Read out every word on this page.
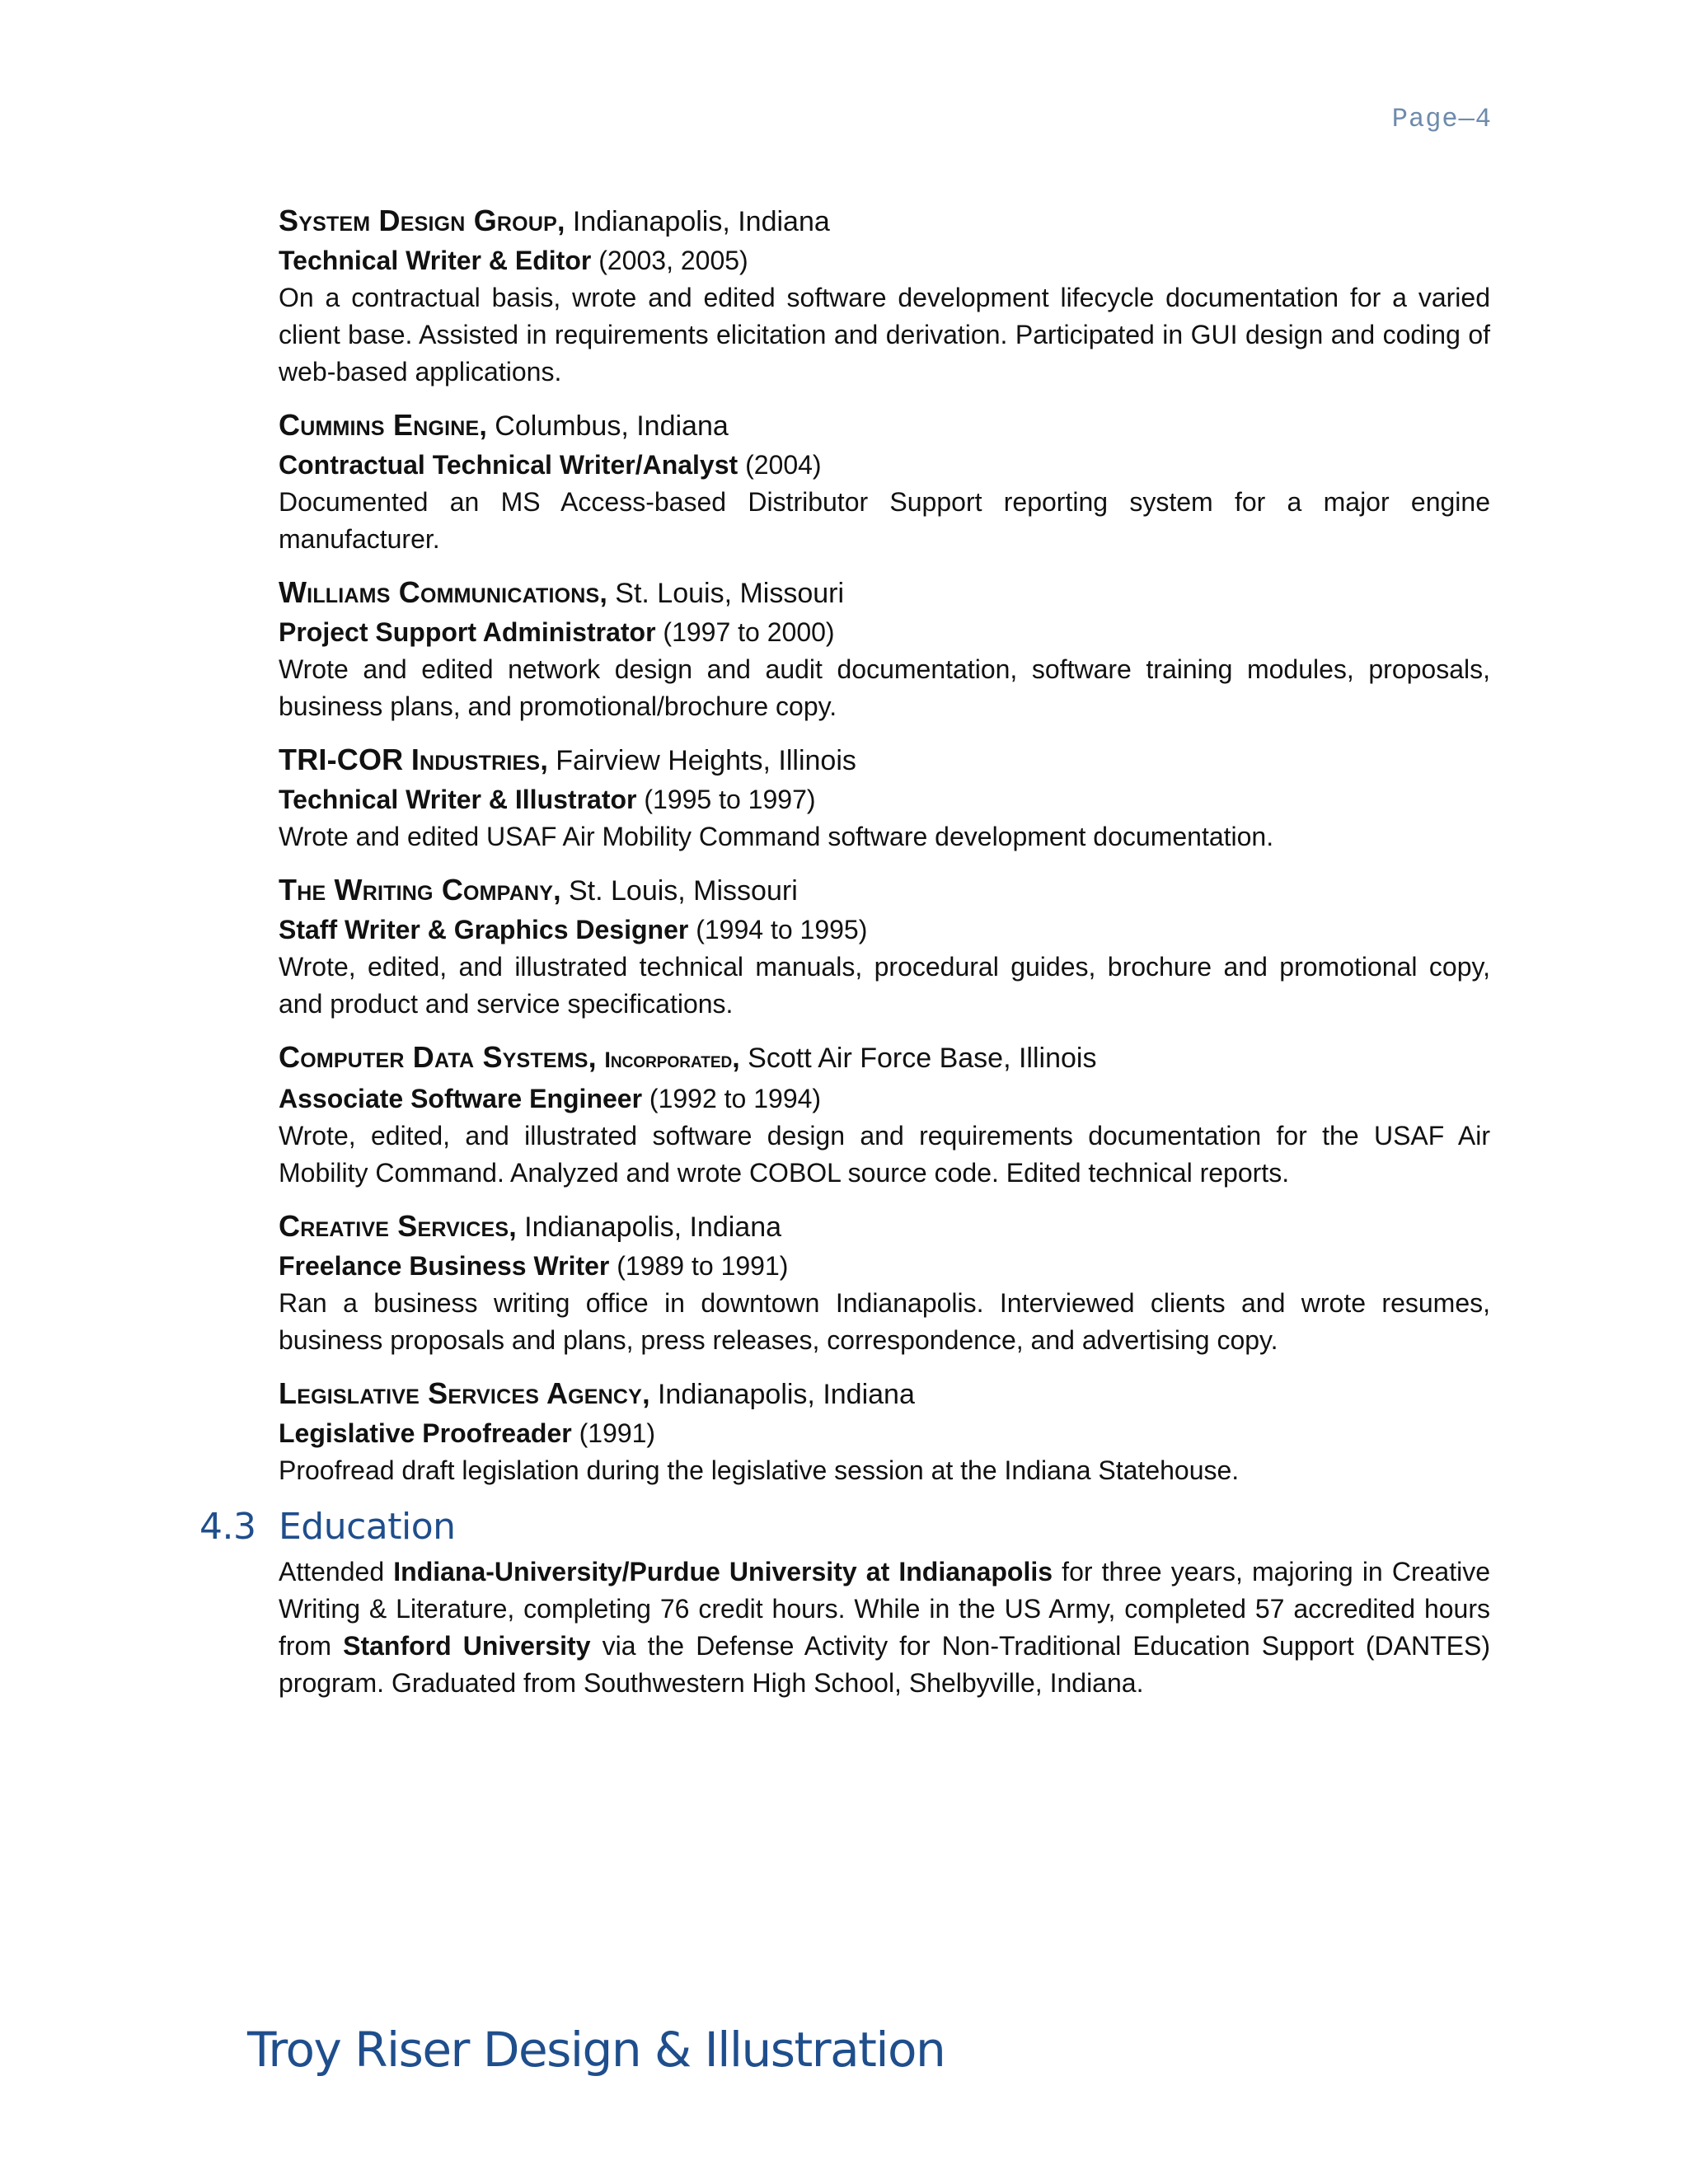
Page—4
System Design Group, Indianapolis, Indiana
Technical Writer & Editor (2003, 2005)

On a contractual basis, wrote and edited software development lifecycle documentation for a varied client base. Assisted in requirements elicitation and derivation. Participated in GUI design and coding of web-based applications.

Cummins Engine, Columbus, Indiana
Contractual Technical Writer/Analyst (2004)

Documented an MS Access-based Distributor Support reporting system for a major engine manufacturer.

Williams Communications, St. Louis, Missouri
Project Support Administrator (1997 to 2000)

Wrote and edited network design and audit documentation, software training modules, proposals, business plans, and promotional/brochure copy.

TRI-COR Industries, Fairview Heights, Illinois
Technical Writer & Illustrator (1995 to 1997)

Wrote and edited USAF Air Mobility Command software development documentation.

The Writing Company, St. Louis, Missouri
Staff Writer & Graphics Designer (1994 to 1995)

Wrote, edited, and illustrated technical manuals, procedural guides, brochure and promotional copy, and product and service specifications.

Computer Data Systems, Incorporated, Scott Air Force Base, Illinois
Associate Software Engineer (1992 to 1994)

Wrote, edited, and illustrated software design and requirements documentation for the USAF Air Mobility Command. Analyzed and wrote COBOL source code. Edited technical reports.

Creative Services, Indianapolis, Indiana
Freelance Business Writer (1989 to 1991)

Ran a business writing office in downtown Indianapolis. Interviewed clients and wrote resumes, business proposals and plans, press releases, correspondence, and advertising copy.

Legislative Services Agency, Indianapolis, Indiana
Legislative Proofreader (1991)

Proofread draft legislation during the legislative session at the Indiana Statehouse.

4.3 Education

Attended Indiana-University/Purdue University at Indianapolis for three years, majoring in Creative Writing & Literature, completing 76 credit hours. While in the US Army, completed 57 accredited hours from Stanford University via the Defense Activity for Non-Traditional Education Support (DANTES) program. Graduated from Southwestern High School, Shelbyville, Indiana.

Troy Riser Design & Illustration
